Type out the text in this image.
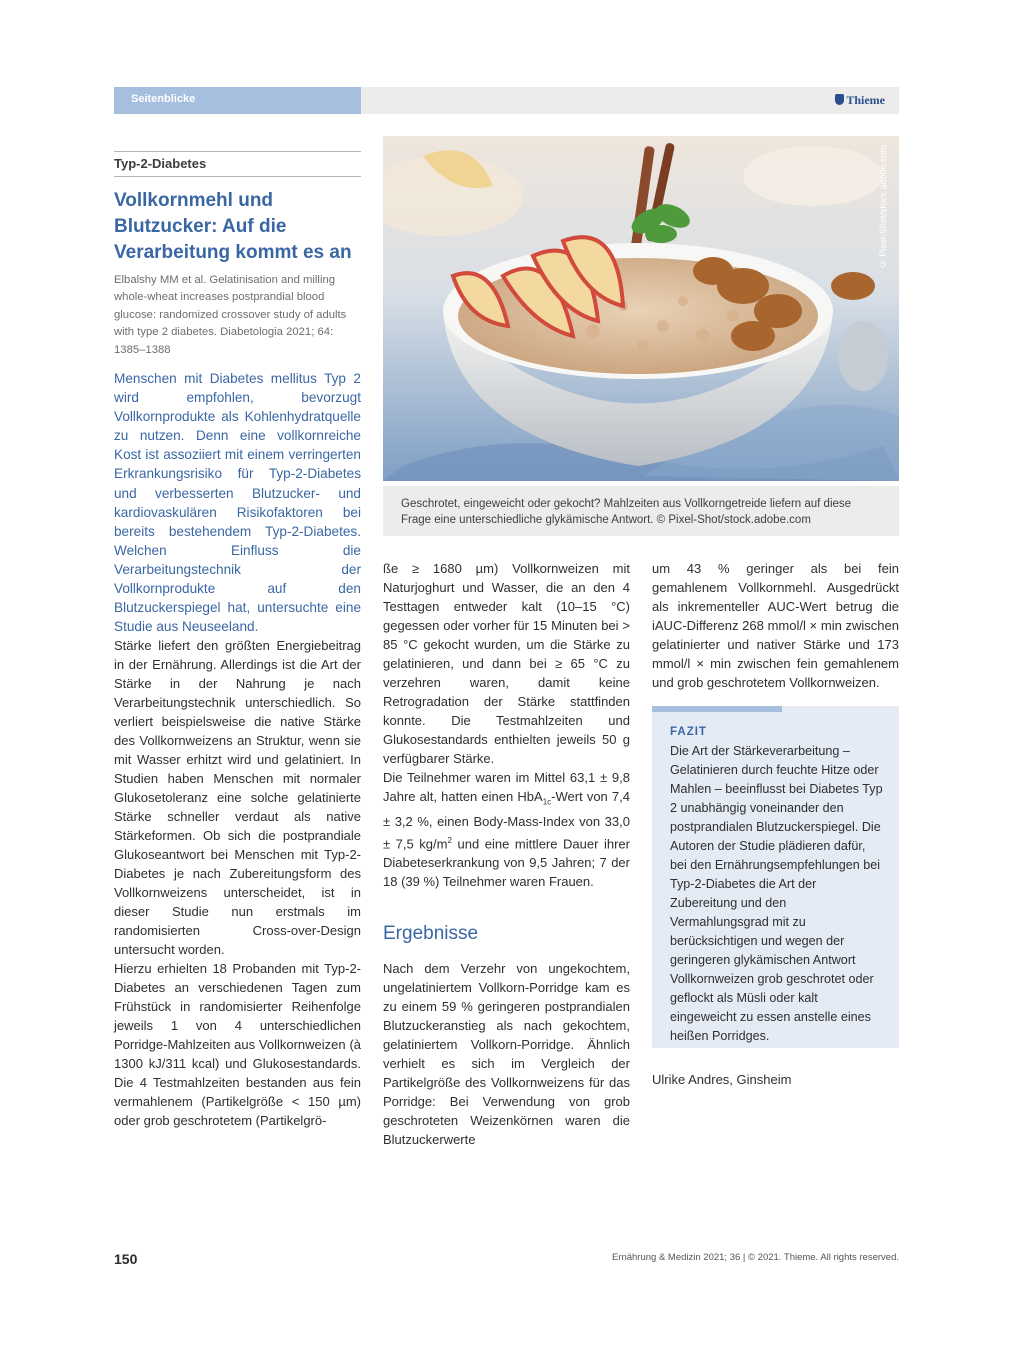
Seitenblicke	Thieme
Typ-2-Diabetes
Vollkornmehl und Blutzucker: Auf die Verarbeitung kommt es an

Elbalshy MM et al. Gelatinisation and milling whole-wheat increases postprandial blood glucose: randomized crossover study of adults with type 2 diabetes. Diabetologia 2021; 64: 1385–1388

Menschen mit Diabetes mellitus Typ 2 wird empfohlen, bevorzugt Vollkornprodukte als Kohlenhydratquelle zu nutzen. Denn eine vollkornreiche Kost ist assoziiert mit einem verringerten Erkrankungsrisiko für Typ-2-Diabetes und verbesserten Blutzucker- und kardiovaskulären Risikofaktoren bei bereits bestehendem Typ-2-Diabetes. Welchen Einfluss die Verarbeitungstechnik der Vollkornprodukte auf den Blutzuckerspiegel hat, untersuchte eine Studie aus Neuseeland.

Stärke liefert den größten Energiebeitrag in der Ernährung. Allerdings ist die Art der Stärke in der Nahrung je nach Verarbeitungstechnik unterschiedlich. So verliert beispielsweise die native Stärke des Vollkornweizens an Struktur, wenn sie mit Wasser erhitzt wird und gelatiniert. In Studien haben Menschen mit normaler Glukosetoleranz eine solche gelatinierte Stärke schneller verdaut als native Stärkeformen. Ob sich die postprandiale Glukoseantwort bei Menschen mit Typ-2-Diabetes je nach Zubereitungsform des Vollkornweizens unterscheidet, ist in dieser Studie nun erstmals im randomisierten Cross-over-Design untersucht worden.

Hierzu erhielten 18 Probanden mit Typ-2-Diabetes an verschiedenen Tagen zum Frühstück in randomisierter Reihenfolge jeweils 1 von 4 unterschiedlichen Porridge-Mahlzeiten aus Vollkornweizen (à 1300 kJ/311 kcal) und Glukosestandards. Die 4 Testmahlzeiten bestanden aus fein vermahlenem (Partikelgröße < 150 µm) oder grob geschrotetem (Partikelgrö-

© Pixel-Shot/stock.adobe.com
Geschrotet, eingeweicht oder gekocht? Mahlzeiten aus Vollkorngetreide liefern auf diese Frage eine unterschiedliche glykämische Antwort. © Pixel-Shot/stock.adobe.com

ße ≥ 1680 µm) Vollkornweizen mit Naturjoghurt und Wasser, die an den 4 Testtagen entweder kalt (10–15 °C) gegessen oder vorher für 15 Minuten bei > 85 °C gekocht wurden, um die Stärke zu gelatinieren, und dann bei ≥ 65 °C zu verzehren waren, damit keine Retrogradation der Stärke stattfinden konnte. Die Testmahlzeiten und Glukosestandards enthielten jeweils 50 g verfügbarer Stärke.

Die Teilnehmer waren im Mittel 63,1 ± 9,8 Jahre alt, hatten einen HbA$_{1c}$-Wert von 7,4 ± 3,2 %, einen Body-Mass-Index von 33,0 ± 7,5 $kg/m^2$ und eine mittlere Dauer ihrer Diabeteserkrankung von 9,5 Jahren; 7 der 18 (39 %) Teilnehmer waren Frauen.

Ergebnisse

Nach dem Verzehr von ungekochtem, ungelatiniertem Vollkorn-Porridge kam es zu einem 59 % geringeren postprandialen Blutzuckeranstieg als nach gekochtem, gelatiniertem Vollkorn-Porridge. Ähnlich verhielt es sich im Vergleich der Partikelgröße des Vollkornweizens für das Porridge: Bei Verwendung von grob geschroteten Weizenkörnen waren die Blutzuckerwerte

um 43 % geringer als bei fein gemahlenem Vollkornmehl. Ausgedrückt als inkrementeller AUC-Wert betrug die iAUC-Differenz 268 mmol/l × min zwischen gelatinierter und nativer Stärke und 173 mmol/l × min zwischen fein gemahlenem und grob geschrotetem Vollkornweizen.

FAZIT

Die Art der Stärkeverarbeitung – Gelatinieren durch feuchte Hitze oder Mahlen – beeinflusst bei Diabetes Typ 2 unabhängig voneinander den postprandialen Blutzuckerspiegel. Die Autoren der Studie plädieren dafür, bei den Ernährungsempfehlungen bei Typ-2-Diabetes die Art der Zubereitung und den Vermahlungsgrad mit zu berücksichtigen und wegen der geringeren glykämischen Antwort Vollkornweizen grob geschrotet oder geflockt als Müsli oder kalt eingeweicht zu essen anstelle eines heißen Porridges.

Ulrike Andres, Ginsheim
150	Ernährung & Medizin 2021; 36 | © 2021. Thieme. All rights reserved.
